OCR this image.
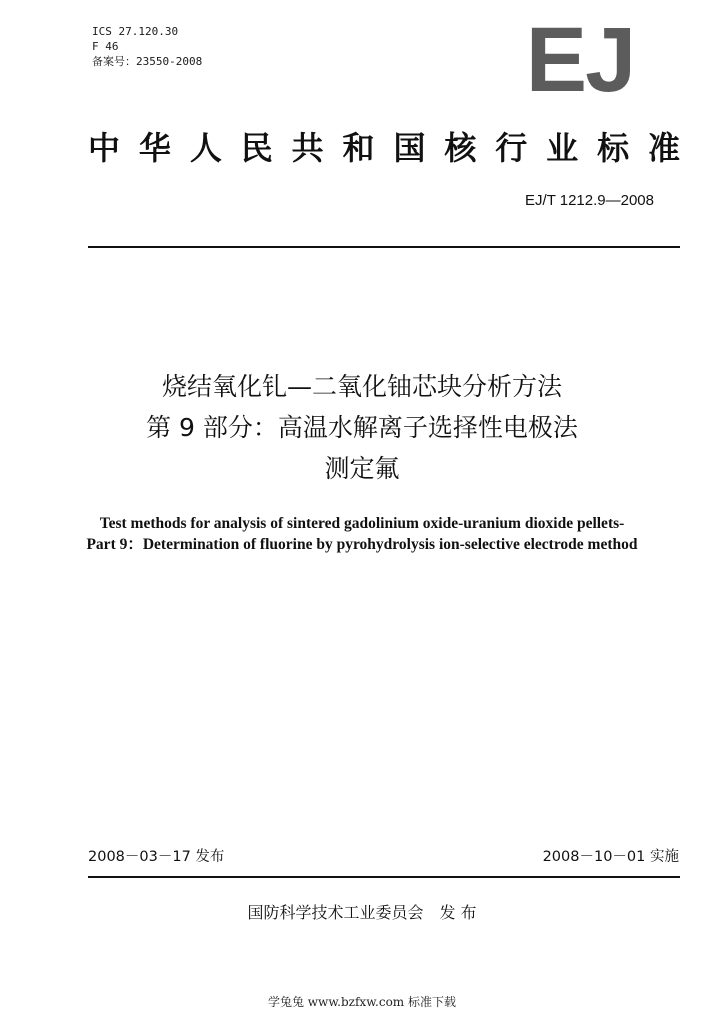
ICS 27.120.30
F 46
备案号：23550-2008	EJ
中 华 人 民 共 和 国 核 行 业 标 准
EJ/T 1212.9—2008
烧结氧化钆—二氧化铀芯块分析方法
第 9 部分：高温水解离子选择性电极法
测定氟
Test methods for analysis of sintered gadolinium oxide-uranium dioxide pellets-
Part 9：Determination of fluorine by pyrohydrolysis ion-selective electrode method
2008－03－17 发布	2008－10－01 实施
国防科学技术工业委员会　发 布
学兔兔 www.bzfxw.com 标准下载
